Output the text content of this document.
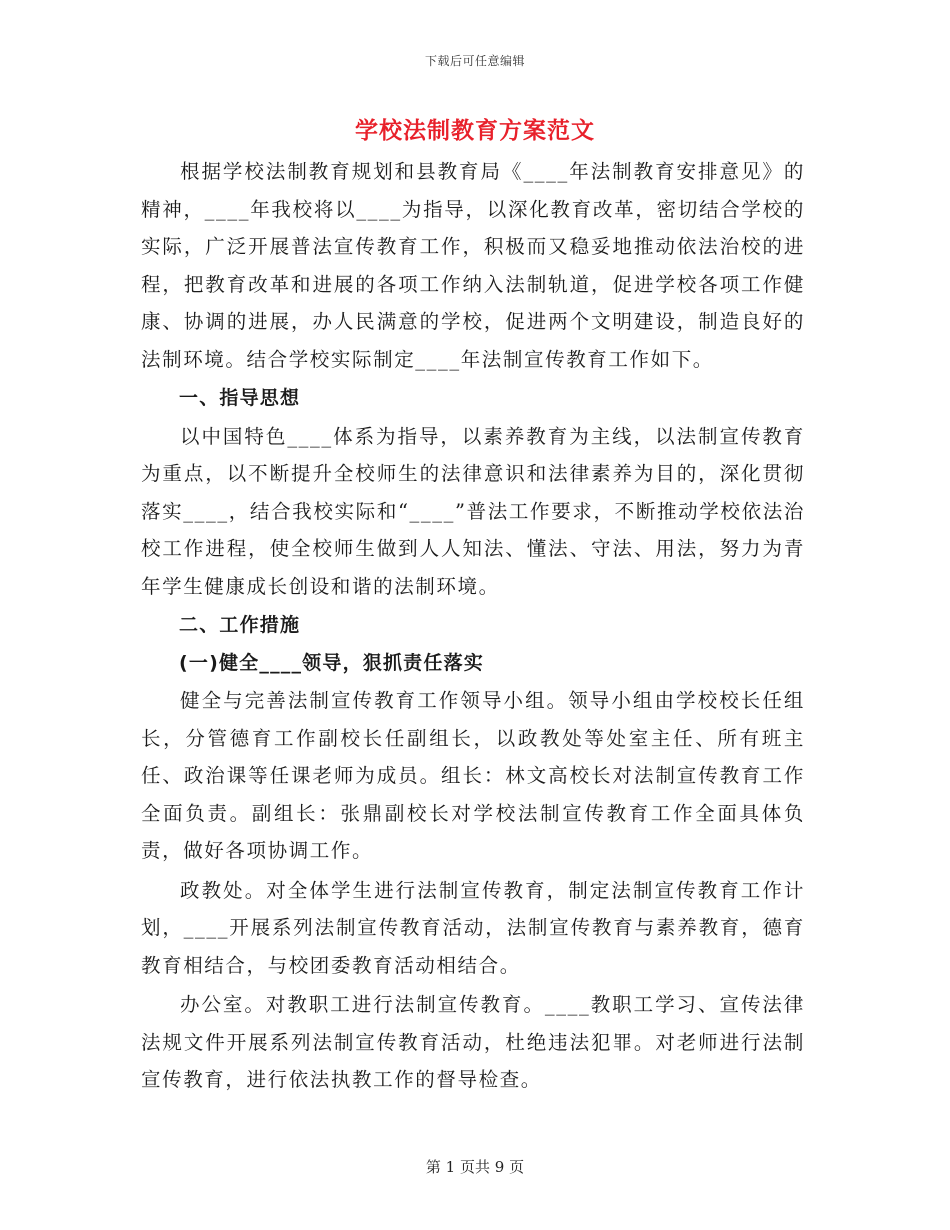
下载后可任意编辑
学校法制教育方案范文

根据学校法制教育规划和县教育局《____年法制教育安排意见》的精神，____年我校将以____为指导，以深化教育改革，密切结合学校的实际，广泛开展普法宣传教育工作，积极而又稳妥地推动依法治校的进程，把教育改革和进展的各项工作纳入法制轨道，促进学校各项工作健康、协调的进展，办人民满意的学校，促进两个文明建设，制造良好的法制环境。结合学校实际制定____年法制宣传教育工作如下。

一、指导思想

以中国特色____体系为指导，以素养教育为主线，以法制宣传教育为重点，以不断提升全校师生的法律意识和法律素养为目的，深化贯彻落实____，结合我校实际和“____”普法工作要求，不断推动学校依法治校工作进程，使全校师生做到人人知法、懂法、守法、用法，努力为青年学生健康成长创设和谐的法制环境。

二、工作措施
(一)健全____领导，狠抓责任落实

健全与完善法制宣传教育工作领导小组。领导小组由学校校长任组长，分管德育工作副校长任副组长，以政教处等处室主任、所有班主任、政治课等任课老师为成员。组长：林文高校长对法制宣传教育工作全面负责。副组长：张鼎副校长对学校法制宣传教育工作全面具体负责，做好各项协调工作。

政教处。对全体学生进行法制宣传教育，制定法制宣传教育工作计划，____开展系列法制宣传教育活动，法制宣传教育与素养教育，德育教育相结合，与校团委教育活动相结合。

办公室。对教职工进行法制宣传教育。____教职工学习、宣传法律法规文件开展系列法制宣传教育活动，杜绝违法犯罪。对老师进行法制宣传教育，进行依法执教工作的督导检查。

第 1 页共 9 页
